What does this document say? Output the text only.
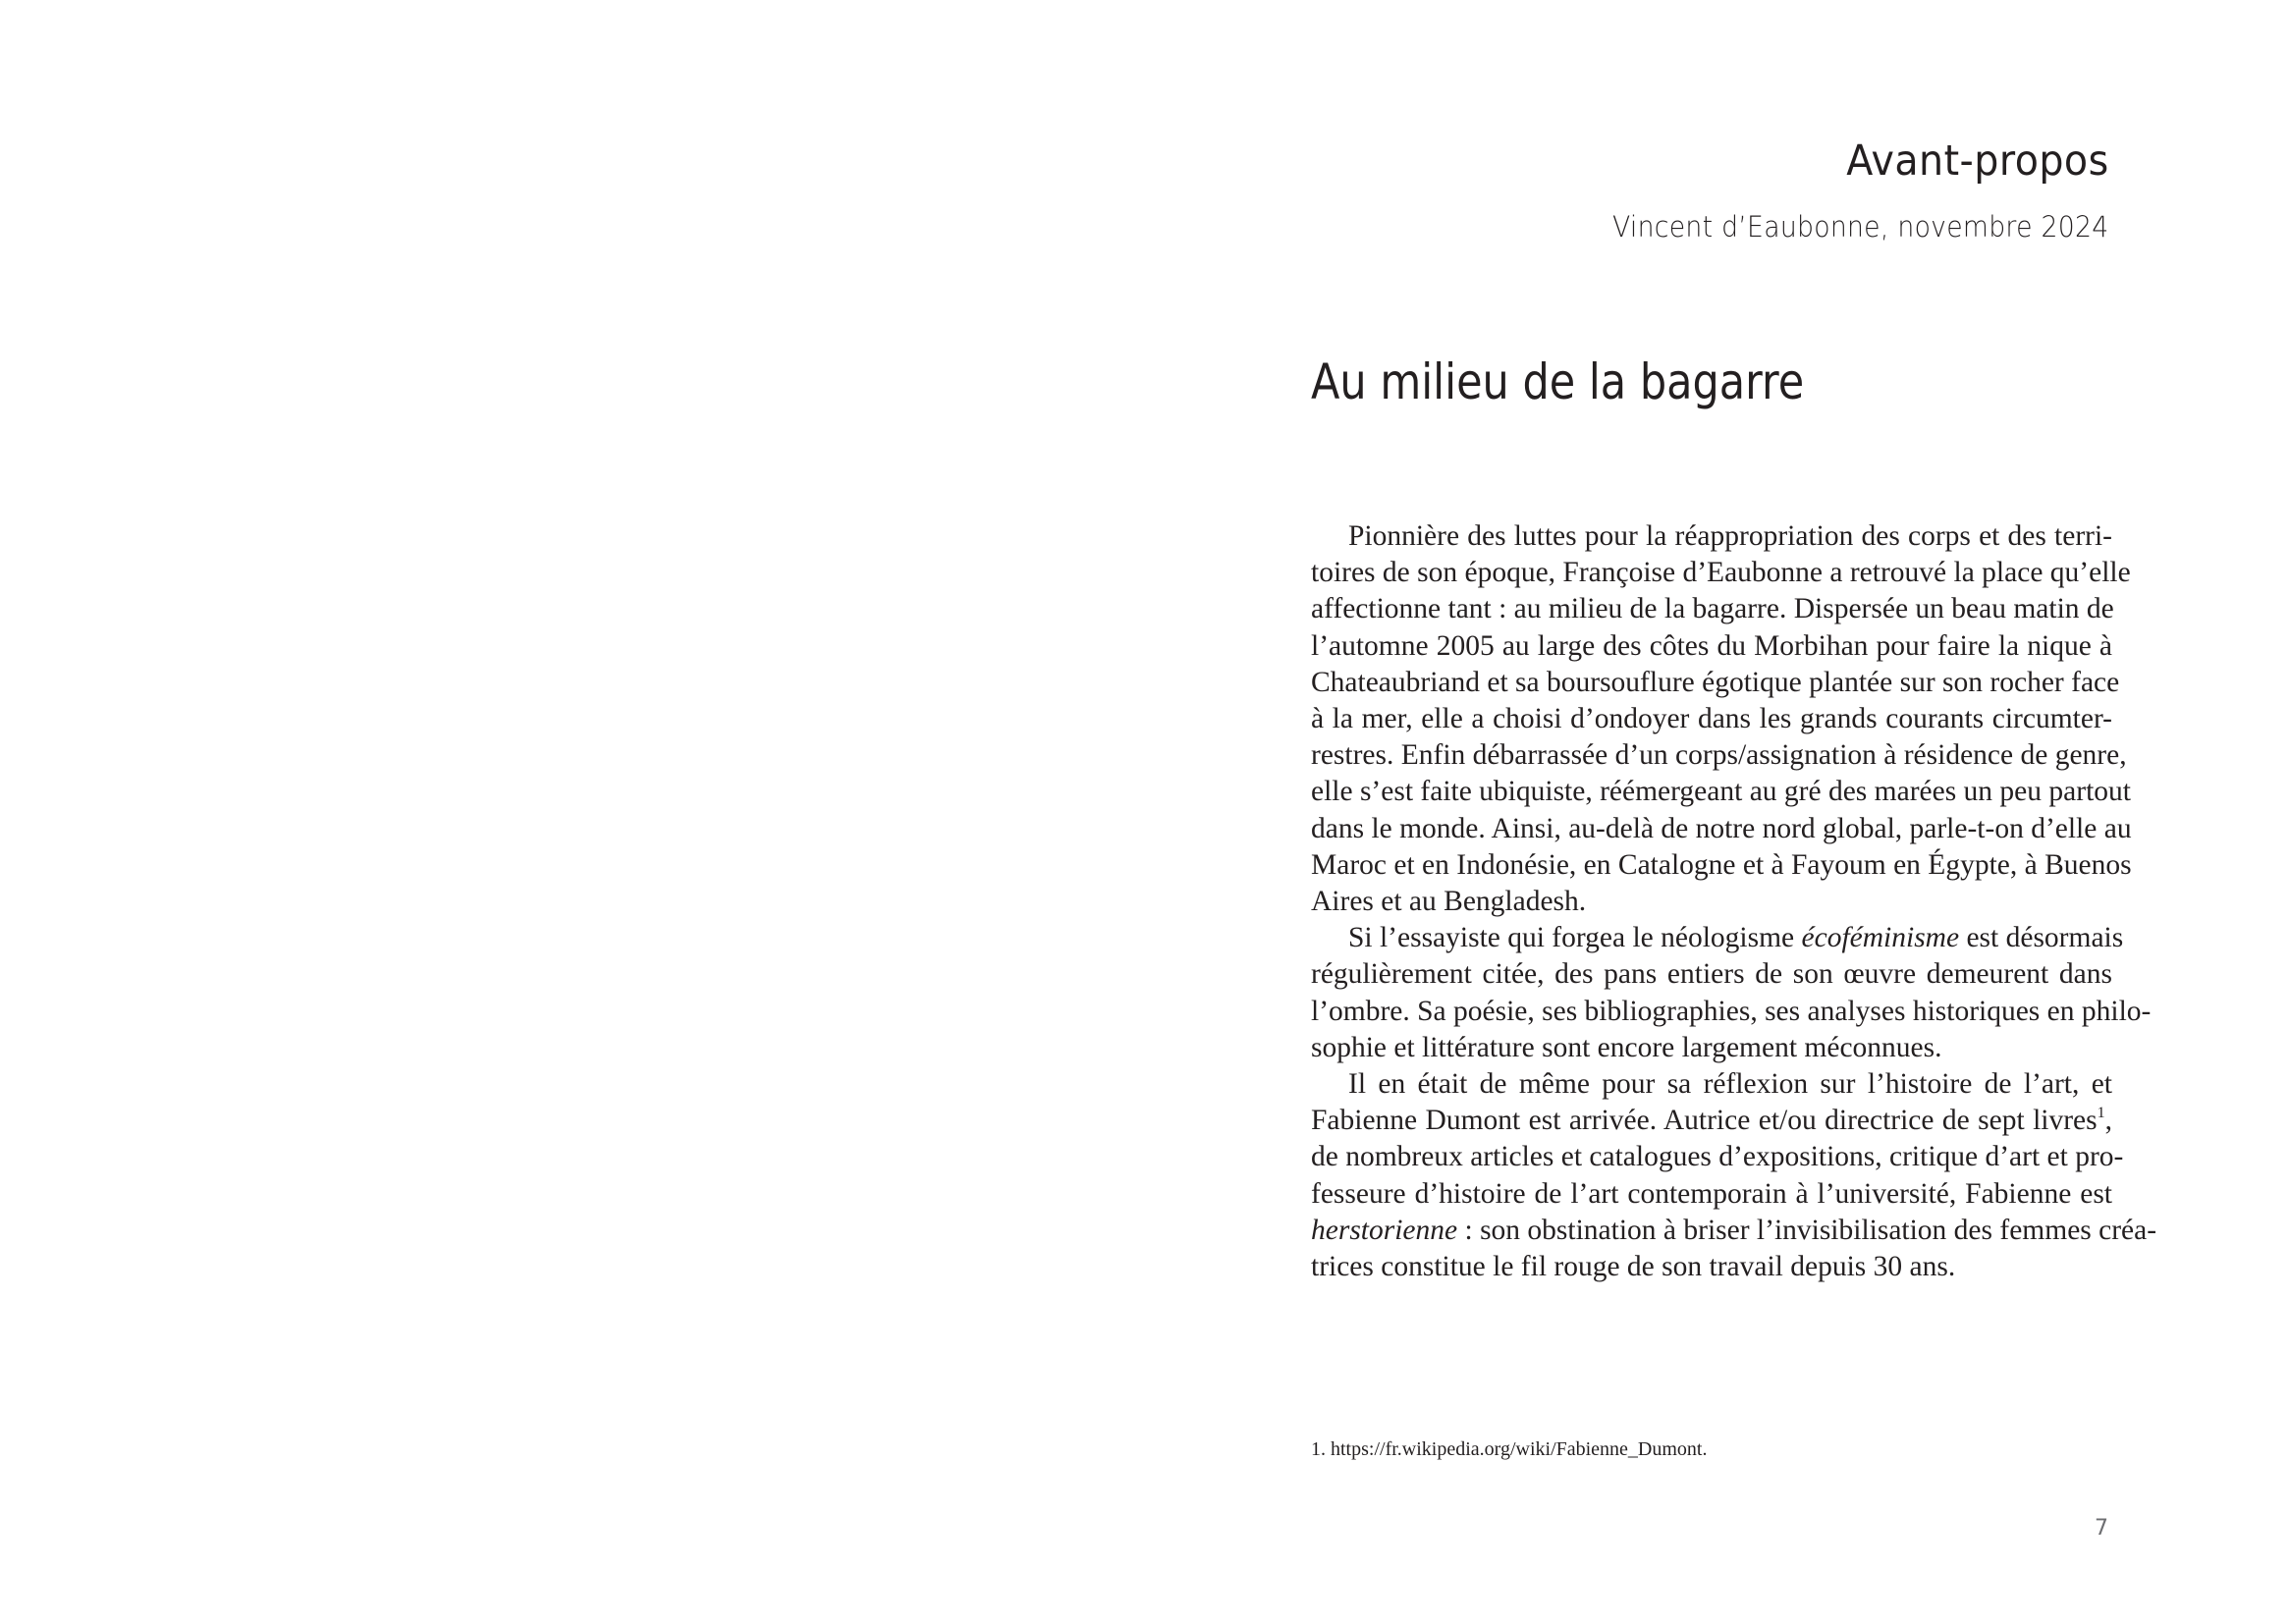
Avant-propos
Vincent d’Eaubonne, novembre 2024
Au milieu de la bagarre
Pionnière des luttes pour la réappropriation des corps et des terri-
toires de son époque, Françoise d’Eaubonne a retrouvé la place qu’elle
affectionne tant : au milieu de la bagarre. Dispersée un beau matin de
l’automne 2005 au large des côtes du Morbihan pour faire la nique à
Chateaubriand et sa boursouflure égotique plantée sur son rocher face
à la mer, elle a choisi d’ondoyer dans les grands courants circumter-
restres. Enfin débarrassée d’un corps/assignation à résidence de genre,
elle s’est faite ubiquiste, réémergeant au gré des marées un peu partout
dans le monde. Ainsi, au-delà de notre nord global, parle-t-on d’elle au
Maroc et en Indonésie, en Catalogne et à Fayoum en Égypte, à Buenos
Aires et au Bengladesh.
Si l’essayiste qui forgea le néologisme écoféminisme est désormais
régulièrement citée, des pans entiers de son œuvre demeurent dans
l’ombre. Sa poésie, ses bibliographies, ses analyses historiques en philo-
sophie et littérature sont encore largement méconnues.
Il en était de même pour sa réflexion sur l’histoire de l’art, et
Fabienne Dumont est arrivée. Autrice et/ou directrice de sept livres$^1$,
de nombreux articles et catalogues d’expositions, critique d’art et pro-
fesseure d’histoire de l’art contemporain à l’université, Fabienne est
herstorienne : son obstination à briser l’invisibilisation des femmes créa-
trices constitue le fil rouge de son travail depuis 30 ans.
1. https://fr.wikipedia.org/wiki/Fabienne_Dumont.
7
